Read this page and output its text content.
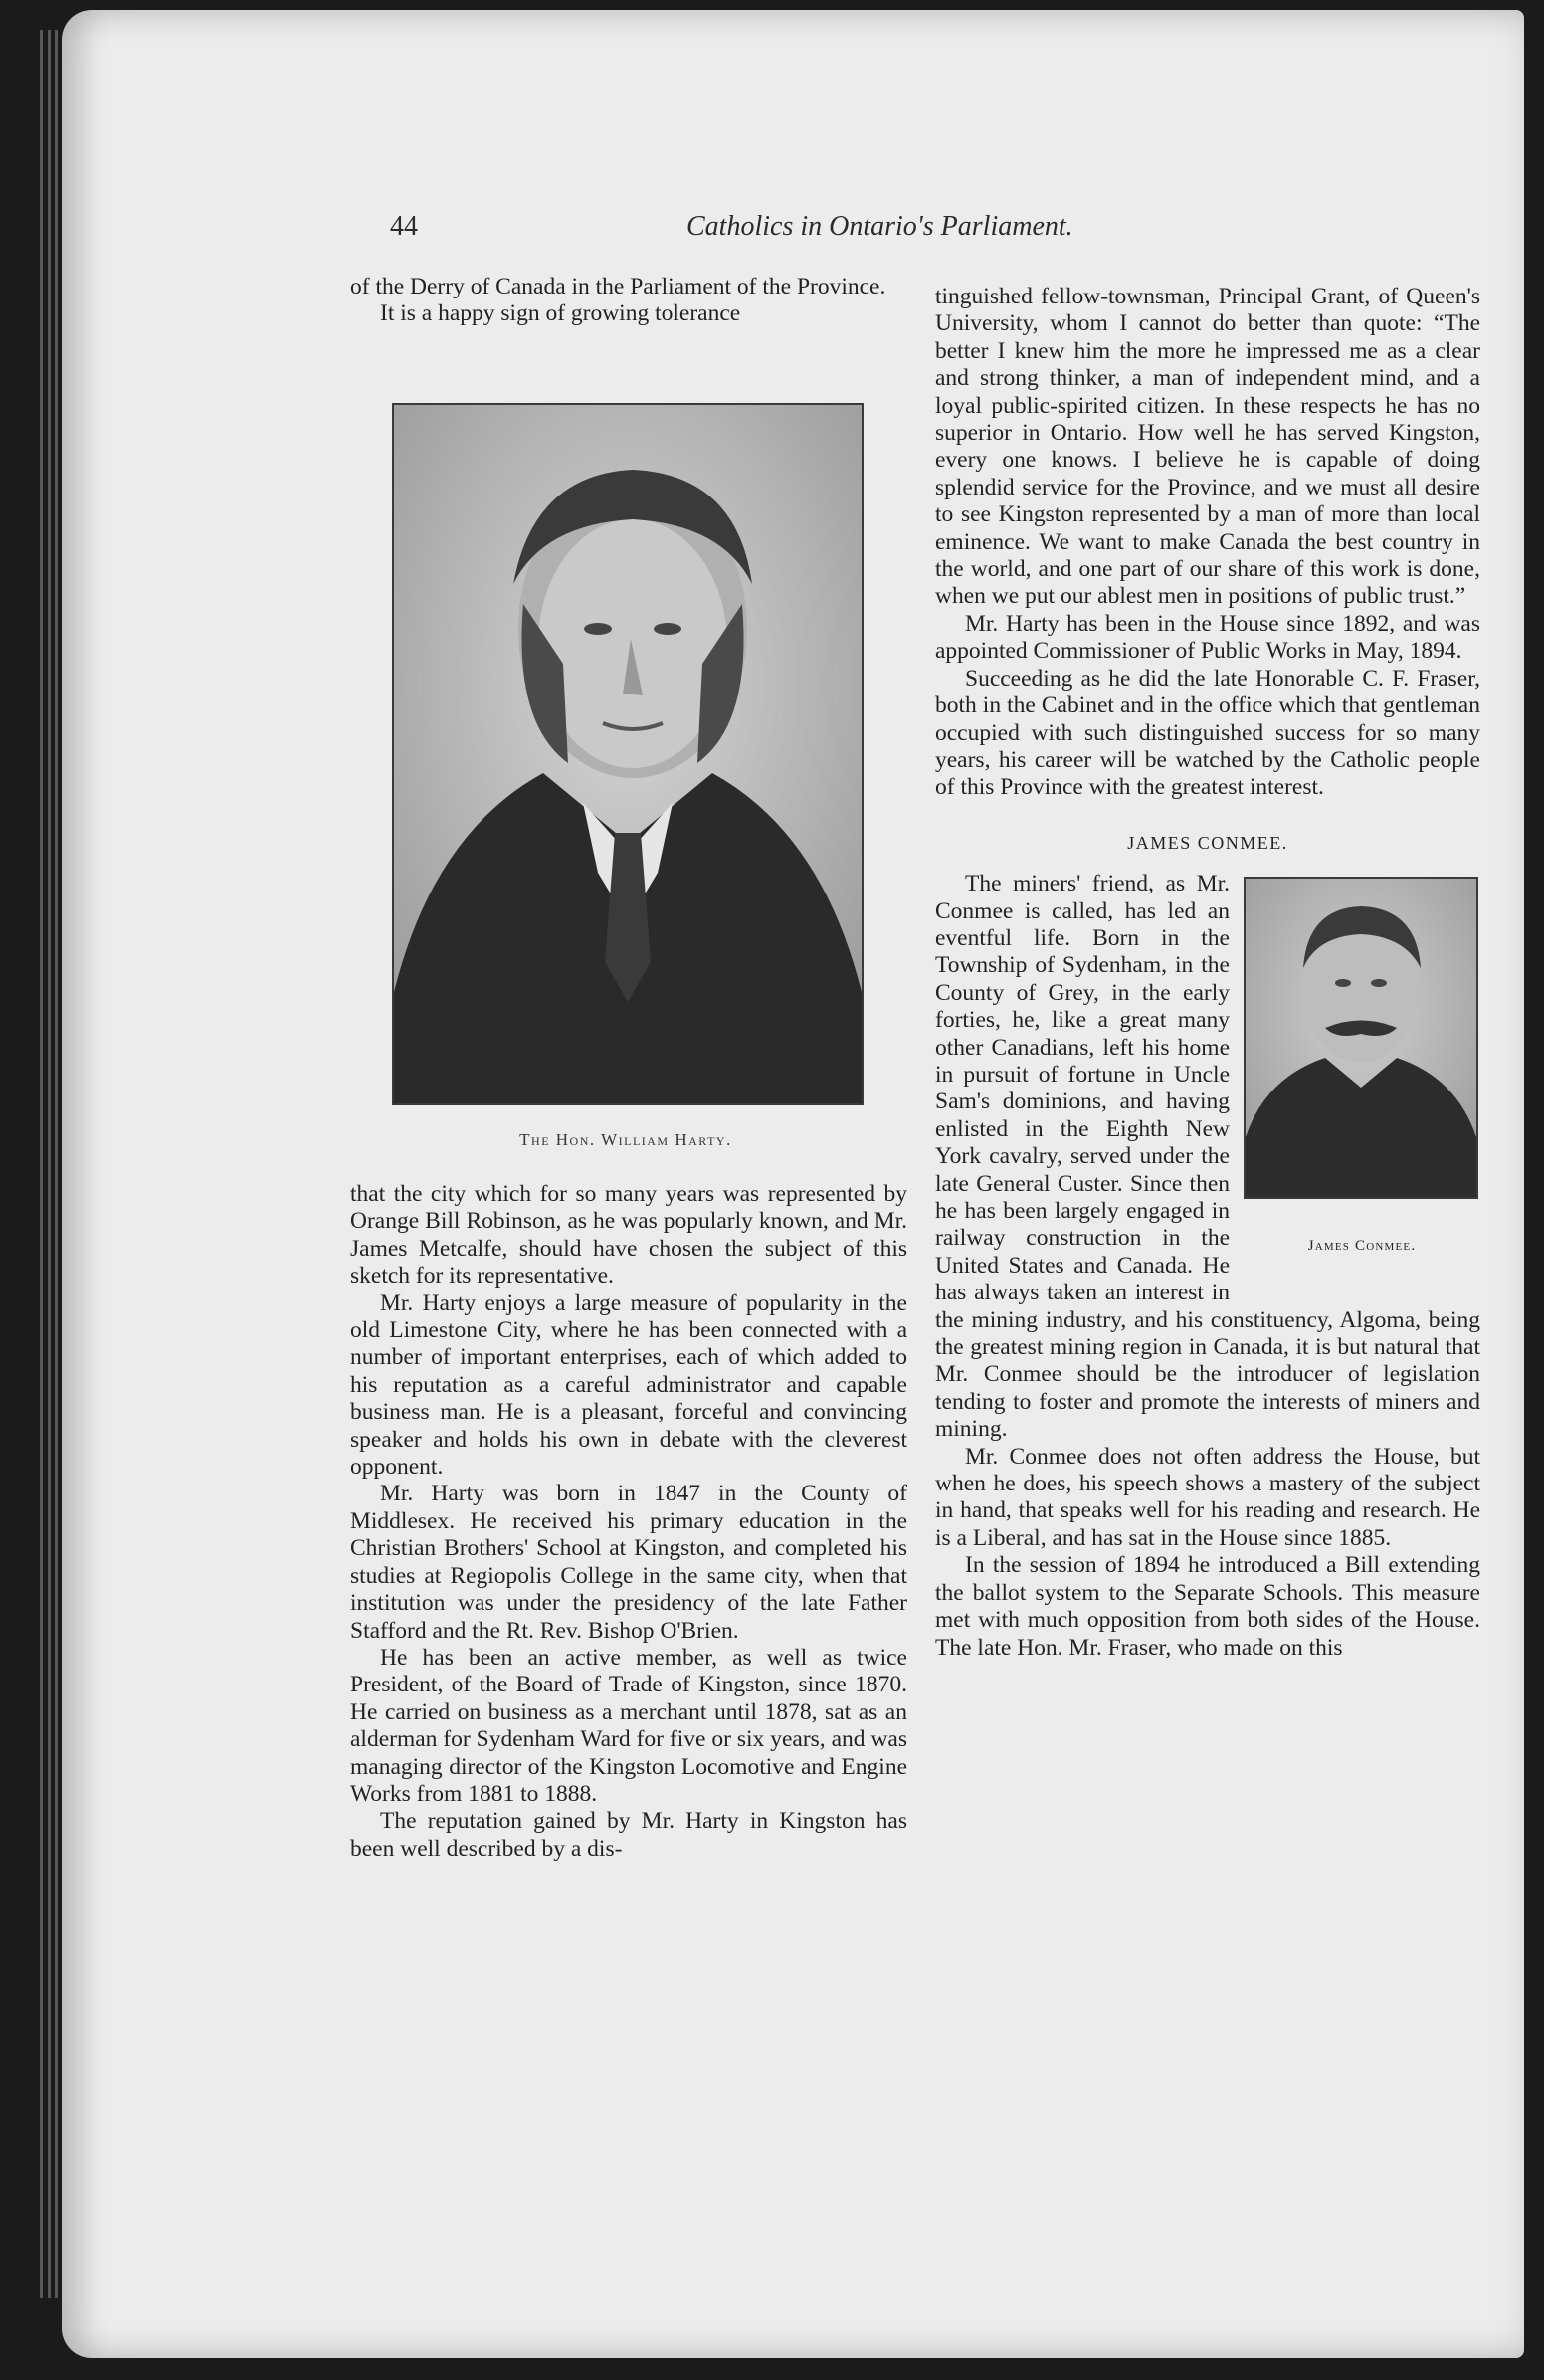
44	Catholics in Ontario's Parliament.

of the Derry of Canada in the Parliament of the Province.

It is a happy sign of growing tolerance

The Hon. William Harty.

that the city which for so many years was represented by Orange Bill Robinson, as he was popularly known, and Mr. James Metcalfe, should have chosen the subject of this sketch for its representative.

Mr. Harty enjoys a large measure of popularity in the old Limestone City, where he has been connected with a number of important enterprises, each of which added to his reputation as a careful administrator and capable business man. He is a pleasant, forceful and convincing speaker and holds his own in debate with the cleverest opponent.

Mr. Harty was born in 1847 in the County of Middlesex. He received his primary education in the Christian Brothers' School at Kingston, and completed his studies at Regiopolis College in the same city, when that institution was under the presidency of the late Father Stafford and the Rt. Rev. Bishop O'Brien.

He has been an active member, as well as twice President, of the Board of Trade of Kingston, since 1870. He carried on business as a merchant until 1878, sat as an alderman for Sydenham Ward for five or six years, and was managing director of the Kingston Locomotive and Engine Works from 1881 to 1888.

The reputation gained by Mr. Harty in Kingston has been well described by a dis-

tinguished fellow-townsman, Principal Grant, of Queen's University, whom I cannot do better than quote: “The better I knew him the more he impressed me as a clear and strong thinker, a man of independent mind, and a loyal public-spirited citizen. In these respects he has no superior in Ontario. How well he has served Kingston, every one knows. I believe he is capable of doing splendid service for the Province, and we must all desire to see Kingston represented by a man of more than local eminence. We want to make Canada the best country in the world, and one part of our share of this work is done, when we put our ablest men in positions of public trust.”

Mr. Harty has been in the House since 1892, and was appointed Commissioner of Public Works in May, 1894.

Succeeding as he did the late Honorable C. F. Fraser, both in the Cabinet and in the office which that gentleman occupied with such distinguished success for so many years, his career will be watched by the Catholic people of this Province with the greatest interest.

JAMES CONMEE.
James Conmee.

The miners' friend, as Mr. Conmee is called, has led an eventful life. Born in the Township of Sydenham, in the County of Grey, in the early forties, he, like a great many other Canadians, left his home in pursuit of fortune in Uncle Sam's dominions, and having enlisted in the Eighth New York cavalry, served under the late General Custer. Since then he has been largely engaged in railway construction in the United States and Canada. He has always taken an interest in the mining industry, and his constituency, Algoma, being the greatest mining region in Canada, it is but natural that Mr. Conmee should be the introducer of legislation tending to foster and promote the interests of miners and mining.

Mr. Conmee does not often address the House, but when he does, his speech shows a mastery of the subject in hand, that speaks well for his reading and research. He is a Liberal, and has sat in the House since 1885.

In the session of 1894 he introduced a Bill extending the ballot system to the Separate Schools. This measure met with much opposition from both sides of the House. The late Hon. Mr. Fraser, who made on this
